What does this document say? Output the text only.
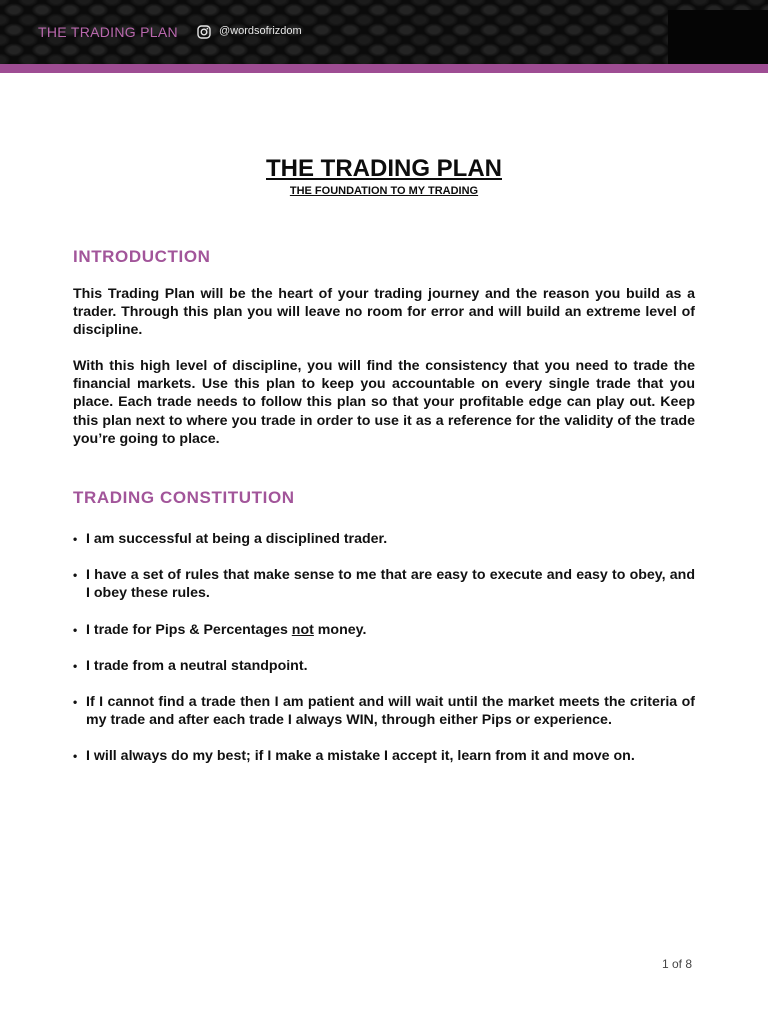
THE TRADING PLAN	@wordsofrizdom
THE TRADING PLAN
THE FOUNDATION TO MY TRADING
INTRODUCTION

This Trading Plan will be the heart of your trading journey and the reason you build as a trader. Through this plan you will leave no room for error and will build an extreme level of discipline.

With this high level of discipline, you will find the consistency that you need to trade the financial markets. Use this plan to keep you accountable on every single trade that you place. Each trade needs to follow this plan so that your profitable edge can play out. Keep this plan next to where you trade in order to use it as a reference for the validity of the trade you’re going to place.

TRADING CONSTITUTION
• I am successful at being a disciplined trader.
• I have a set of rules that make sense to me that are easy to execute and easy to obey, and I obey these rules.
• I trade for Pips & Percentages not money.
• I trade from a neutral standpoint.
• If I cannot find a trade then I am patient and will wait until the market meets the criteria of my trade and after each trade I always WIN, through either Pips or experience.
• I will always do my best; if I make a mistake I accept it, learn from it and move on.
1 of 8
